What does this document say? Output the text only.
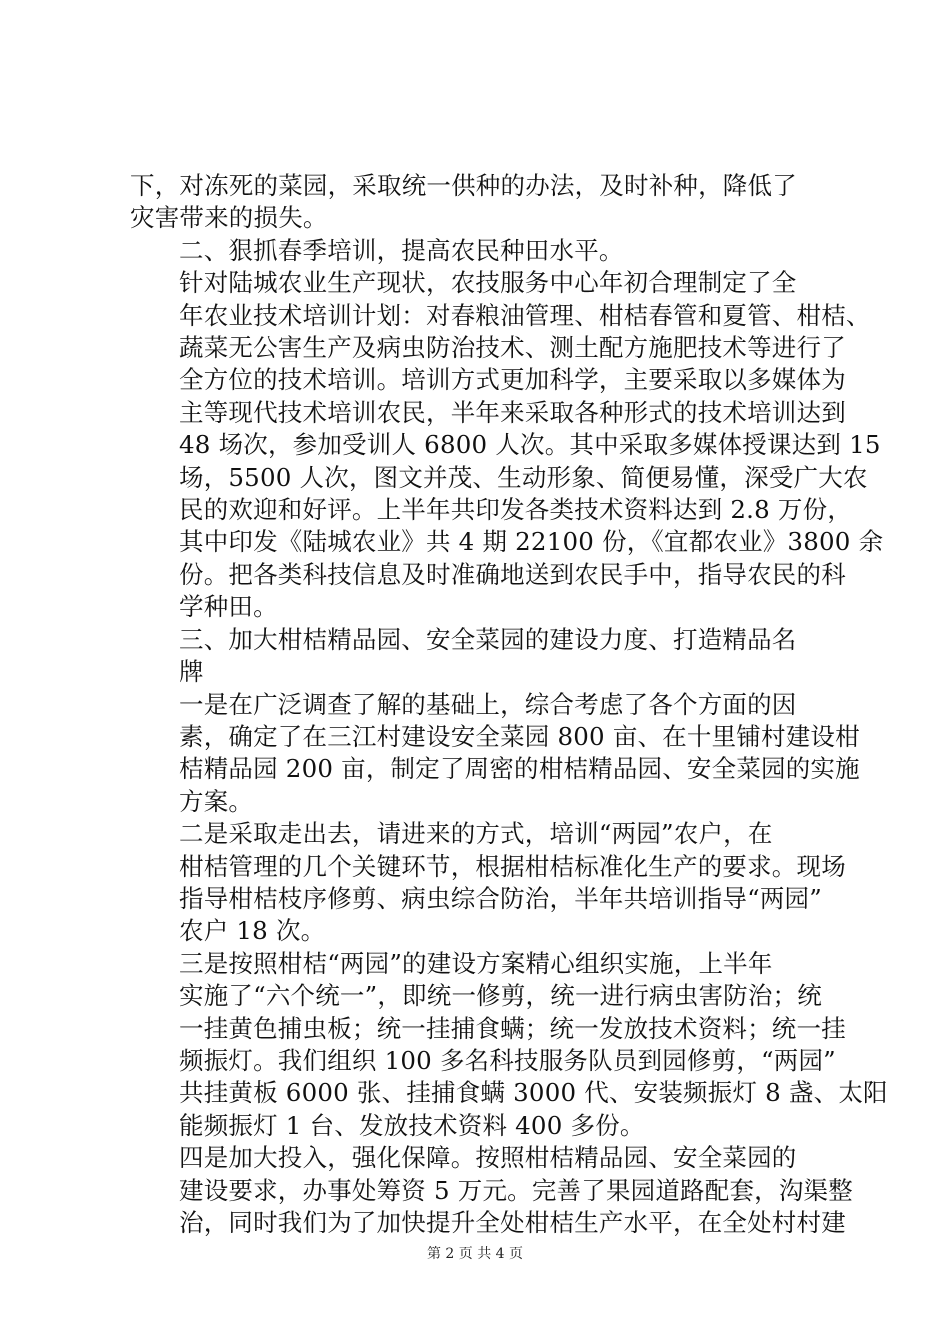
下，对冻死的菜园，采取统一供种的办法，及时补种，降低了
灾害带来的损失。
二、狠抓春季培训，提高农民种田水平。
针对陆城农业生产现状，农技服务中心年初合理制定了全
年农业技术培训计划：对春粮油管理、柑桔春管和夏管、柑桔、
蔬菜无公害生产及病虫防治技术、测土配方施肥技术等进行了
全方位的技术培训。培训方式更加科学，主要采取以多媒体为
主等现代技术培训农民，半年来采取各种形式的技术培训达到
48 场次，参加受训人 6800 人次。其中采取多媒体授课达到 15
场，5500 人次，图文并茂、生动形象、简便易懂，深受广大农
民的欢迎和好评。上半年共印发各类技术资料达到 2.8 万份，
其中印发《陆城农业》共 4 期 22100 份，《宜都农业》3800 余
份。把各类科技信息及时准确地送到农民手中，指导农民的科
学种田。
三、加大柑桔精品园、安全菜园的建设力度、打造精品名
牌
一是在广泛调查了解的基础上，综合考虑了各个方面的因
素，确定了在三江村建设安全菜园 800 亩、在十里铺村建设柑
桔精品园 200 亩，制定了周密的柑桔精品园、安全菜园的实施
方案。
二是采取走出去，请进来的方式，培训“两园”农户，在
柑桔管理的几个关键环节，根据柑桔标准化生产的要求。现场
指导柑桔枝序修剪、病虫综合防治，半年共培训指导“两园”
农户 18 次。
三是按照柑桔“两园”的建设方案精心组织实施，上半年
实施了“六个统一”，即统一修剪，统一进行病虫害防治；统
一挂黄色捕虫板；统一挂捕食螨；统一发放技术资料；统一挂
频振灯。我们组织 100 多名科技服务队员到园修剪，“两园”
共挂黄板 6000 张、挂捕食螨 3000 代、安装频振灯 8 盏、太阳
能频振灯 1 台、发放技术资料 400 多份。
四是加大投入，强化保障。按照柑桔精品园、安全菜园的
建设要求，办事处筹资 5 万元。完善了果园道路配套，沟渠整
治，同时我们为了加快提升全处柑桔生产水平，在全处村村建
第 2 页 共 4 页
